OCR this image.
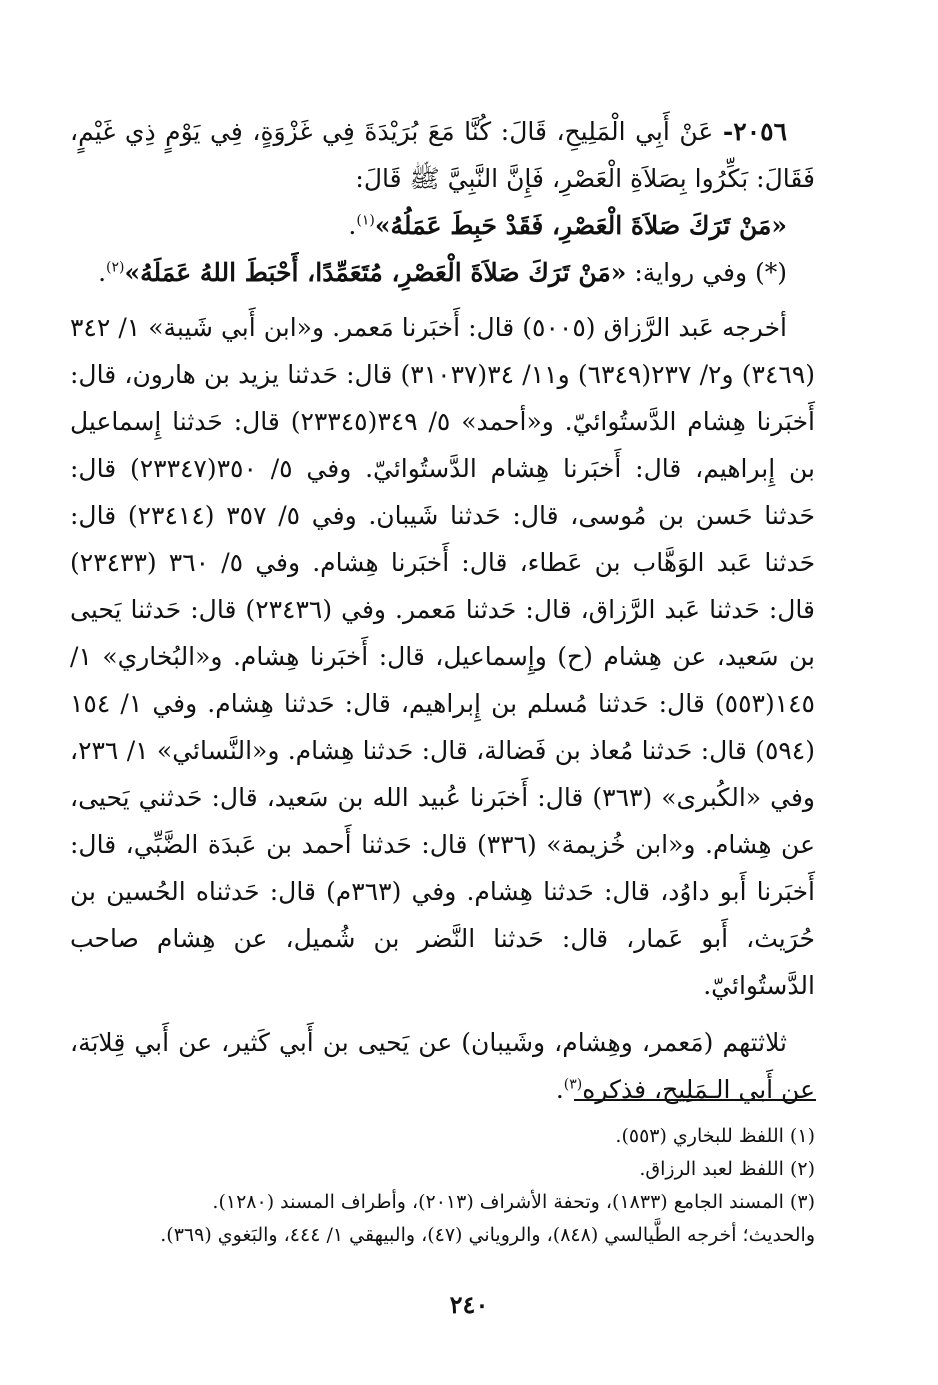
٢٠٥٦- عَنْ أَبِي الْمَلِيحِ، قَالَ: كُنَّا مَعَ بُرَيْدَةَ فِي غَزْوَةٍ، فِي يَوْمٍ ذِي غَيْمٍ، فَقَالَ: بَكِّرُوا بِصَلاَةِ الْعَصْرِ، فَإِنَّ النَّبِيَّ ﷺ قَالَ:

«مَنْ تَرَكَ صَلاَةَ الْعَصْرِ، فَقَدْ حَبِطَ عَمَلُهُ»$^{(١)}$.

(*) وفي رواية: «مَنْ تَرَكَ صَلاَةَ الْعَصْرِ، مُتَعَمِّدًا، أَحْبَطَ اللهُ عَمَلَهُ»$^{(٢)}$.

أخرجه عَبد الرَّزاق (٥٠٠٥) قال: أَخبَرنا مَعمر. و«ابن أَبي شَيبة» ١/ ٣٤٢ (٣٤٦٩) و٢/ ٢٣٧(٦٣٤٩) و١١/ ٣٤(٣١٠٣٧) قال: حَدثنا يزيد بن هارون، قال: أَخبَرنا هِشام الدَّستُوائيّ. و«أحمد» ٥/ ٣٤٩(٢٣٣٤٥) قال: حَدثنا إِسماعيل بن إِبراهيم، قال: أَخبَرنا هِشام الدَّستُوائيّ. وفي ٥/ ٣٥٠(٢٣٣٤٧) قال: حَدثنا حَسن بن مُوسى، قال: حَدثنا شَيبان. وفي ٥/ ٣٥٧ (٢٣٤١٤) قال: حَدثنا عَبد الوَهَّاب بن عَطاء، قال: أَخبَرنا هِشام. وفي ٥/ ٣٦٠ (٢٣٤٣٣) قال: حَدثنا عَبد الرَّزاق، قال: حَدثنا مَعمر. وفي (٢٣٤٣٦) قال: حَدثنا يَحيى بن سَعيد، عن هِشام (ح) وإِسماعيل، قال: أَخبَرنا هِشام. و«البُخاري» ١/ ١٤٥(٥٥٣) قال: حَدثنا مُسلم بن إِبراهيم، قال: حَدثنا هِشام. وفي ١/ ١٥٤ (٥٩٤) قال: حَدثنا مُعاذ بن فَضالة، قال: حَدثنا هِشام. و«النَّسائي» ١/ ٢٣٦، وفي «الكُبرى» (٣٦٣) قال: أَخبَرنا عُبيد الله بن سَعيد، قال: حَدثني يَحيى، عن هِشام. و«ابن خُزيمة» (٣٣٦) قال: حَدثنا أَحمد بن عَبدَة الضَّبِّي، قال: أَخبَرنا أَبو داوُد، قال: حَدثنا هِشام. وفي (٣٦٣م) قال: حَدثناه الحُسين بن حُرَيث، أَبو عَمار، قال: حَدثنا النَّضر بن شُميل، عن هِشام صاحب الدَّستُوائيّ.

ثلاثتهم (مَعمر، وهِشام، وشَيبان) عن يَحيى بن أَبي كَثير، عن أَبي قِلابَة، عن أَبي الـمَلِيح، فذكره$^{(٣)}$.

(١) اللفظ للبخاري (٥٥٣).

(٢) اللفظ لعبد الرزاق.

(٣) المسند الجامع (١٨٣٣)، وتحفة الأشراف (٢٠١٣)، وأطراف المسند (١٢٨٠).

والحديث؛ أخرجه الطَّيالسي (٨٤٨)، والروياني (٤٧)، والبيهقي ١/ ٤٤٤، والبَغوي (٣٦٩).

٢٤٠
